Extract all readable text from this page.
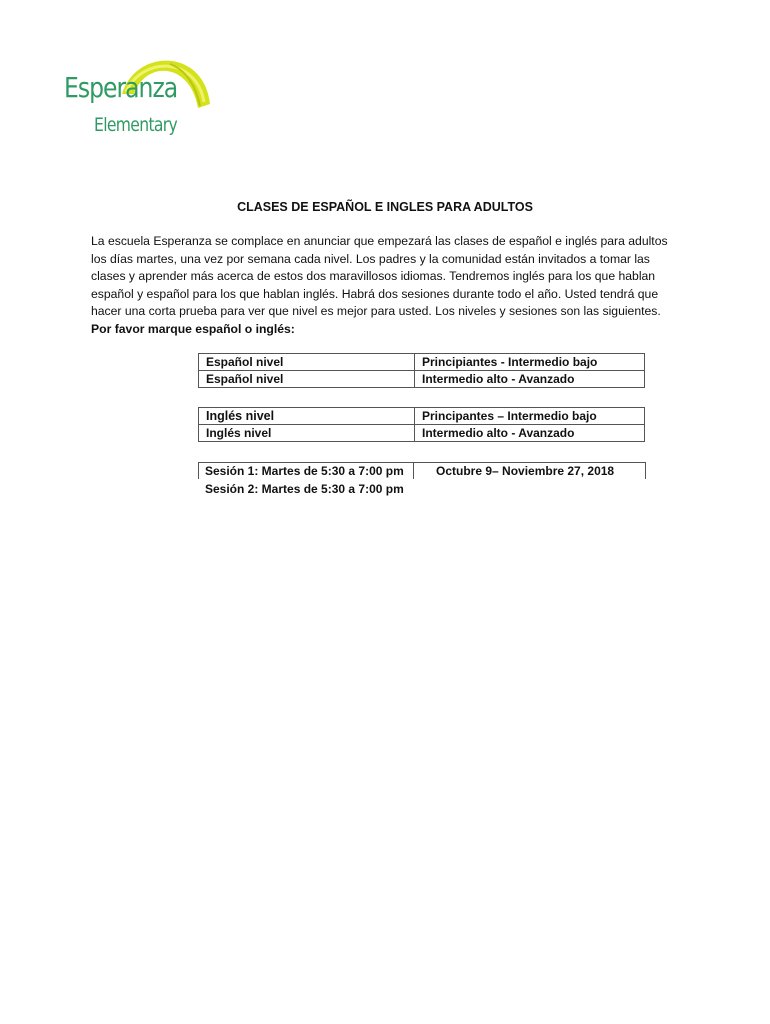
Esperanza
Elementary
CLASES DE ESPAÑOL E INGLES PARA ADULTOS

La escuela Esperanza se complace en anunciar que empezará las clases de español e inglés para adultos
los días martes, una vez por semana cada nivel. Los padres y la comunidad están invitados a tomar las
clases y aprender más acerca de estos dos maravillosos idiomas. Tendremos inglés para los que hablan
español y español para los que hablan inglés. Habrá dos sesiones durante todo el año. Usted tendrá que
hacer una corta prueba para ver que nivel es mejor para usted. Los niveles y sesiones son las siguientes.
Por favor marque español o inglés:

Español nivel	Principiantes - Intermedio bajo
Español nivel	Intermedio alto - Avanzado
Inglés nivel	Principantes – Intermedio bajo
Inglés nivel	Intermedio alto - Avanzado
Sesión 1: Martes de 5:30 a 7:00 pm	Octubre 9– Noviembre 27, 2018
Sesión 2: Martes de 5:30 a 7:00 pm
